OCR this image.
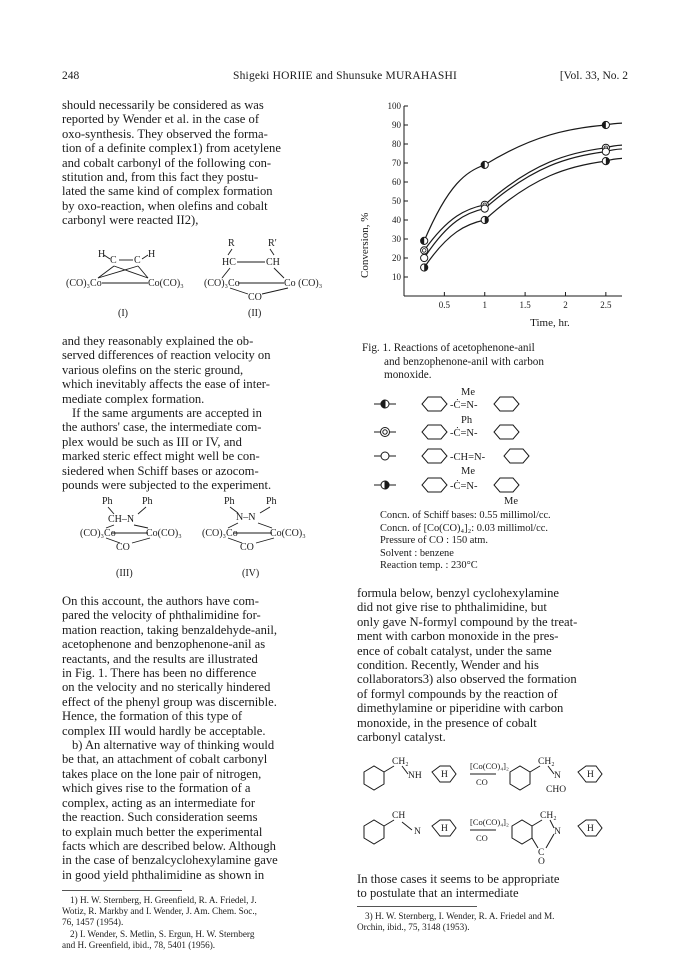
248	Shigeki HORIIE and Shunsuke MURAHASHI	[Vol. 33, No. 2
should necessarily be considered as was
reported by Wender et al. in the case of
oxo-synthesis. They observed the forma-
tion of a definite complex1) from acetylene
and cobalt carbonyl of the following con-
stitution and, from this fact they postu-
lated the same kind of complex formation
by oxo-reaction, when olefins and cobalt
carbonyl were reacted II2),
H
C C
H
(CO)₃Co	Co(CO)₃
(I)
R	R′
HC	CH
(CO)₃Co	Co (CO)₃
CO
(II)
and they reasonably explained the ob-
served differences of reaction velocity on
various olefins on the steric ground,
which inevitably affects the ease of inter-
mediate complex formation.
If the same arguments are accepted in
the authors' case, the intermediate com-
plex would be such as III or IV, and
marked steric effect might well be con-
siedered when Schiff bases or azocom-
pounds were subjected to the experiment.
Ph	Ph
CH–N
(CO)₃Co	Co(CO)₃
CO
(III)
Ph	Ph
N–N
(CO)₃Co	Co(CO)₃
CO
(IV)
On this account, the authors have com-
pared the velocity of phthalimidine for-
mation reaction, taking benzaldehyde-anil,
acetophenone and benzophenone-anil as
reactants, and the results are illustrated
in Fig. 1. There has been no difference
on the velocity and no sterically hindered
effect of the phenyl group was discernible.
Hence, the formation of this type of
complex III would hardly be acceptable.
b) An alternative way of thinking would
be that, an attachment of cobalt carbonyl
takes place on the lone pair of nitrogen,
which gives rise to the formation of a
complex, acting as an intermediate for
the reaction. Such consideration seems
to explain much better the experimental
facts which are described below. Although
in the case of benzalcyclohexylamine gave
in good yield phthalimidine as shown in
1) H. W. Sternberg, H. Greenfield, R. A. Friedel, J.
Wotiz, R. Markby and I. Wender, J. Am. Chem. Soc.,
76, 1457 (1954).
2) I. Wender, S. Metlin, S. Ergun, H. W. Sternberg
and H. Greenfield, ibid., 78, 5401 (1956).
10
20
30
40
50
60
70
80
90
100
0.5	1	1.5	2	2.5
Conversion, %
Time, hr.
Fig. 1. Reactions of acetophenone-anil
and benzophenone-anil with carbon
monoxide.
Me
-Ċ=N-
Ph
-Ċ=N-
-CH=N-
Me
-Ċ=N-
Me
Concn. of Schiff bases: 0.55 millimol/cc.
Concn. of [Co(CO)₄]₂: 0.03 millimol/cc.
Pressure of CO : 150 atm.
Solvent : benzene
Reaction temp. : 230°C
formula below, benzyl cyclohexylamine
did not give rise to phthalimidine, but
only gave N-formyl compound by the treat-
ment with carbon monoxide in the pres-
ence of cobalt catalyst, under the same
condition. Recently, Wender and his
collaborators3) also observed the formation
of formyl compounds by the reaction of
dimethylamine or piperidine with carbon
monoxide, in the presence of cobalt
carbonyl catalyst.
CH₂
NH H
[Co(CO)₄]₂
CO
CH₂
N	H
CHO
CH
N H
[Co(CO)₄]₂
CO
CH₂
N	H
C
O
In those cases it seems to be appropriate
to postulate that an intermediate
3) H. W. Sternberg, I. Wender, R. A. Friedel and M.
Orchin, ibid., 75, 3148 (1953).
